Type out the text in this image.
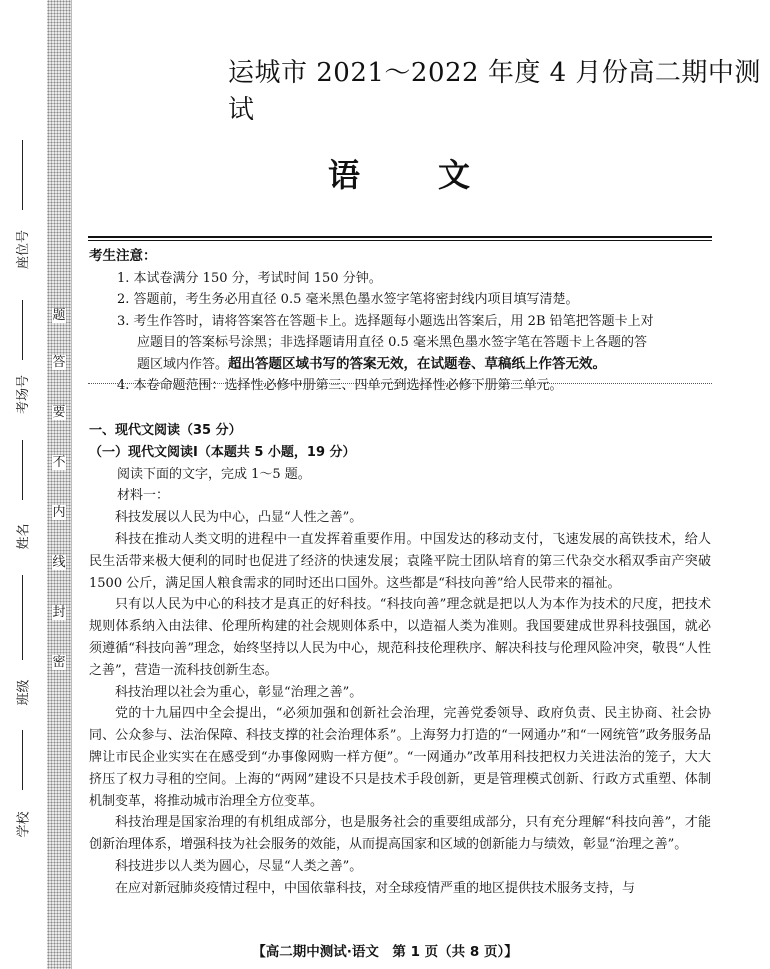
题
答
要
不
内
线
封
密
座位号
考场号
姓名
班级
学校
运城市 2021～2022 年度 4 月份高二期中测试
语文
考生注意：
1. 本试卷满分 150 分，考试时间 150 分钟。
2. 答题前，考生务必用直径 0.5 毫米黑色墨水签字笔将密封线内项目填写清楚。
3. 考生作答时，请将答案答在答题卡上。选择题每小题选出答案后，用 2B 铅笔把答题卡上对
应题目的答案标号涂黑；非选择题请用直径 0.5 毫米黑色墨水签字笔在答题卡上各题的答
题区域内作答。超出答题区域书写的答案无效，在试题卷、草稿纸上作答无效。
4. 本卷命题范围：选择性必修中册第三、四单元到选择性必修下册第二单元。
一、现代文阅读（35 分）
（一）现代文阅读Ⅰ（本题共 5 小题，19 分）
阅读下面的文字，完成 1～5 题。
材料一：

科技发展以人民为中心，凸显“人性之善”。

科技在推动人类文明的进程中一直发挥着重要作用。中国发达的移动支付，飞速发展的高铁技术，给人民生活带来极大便利的同时也促进了经济的快速发展；袁隆平院士团队培育的第三代杂交水稻双季亩产突破 1500 公斤，满足国人粮食需求的同时还出口国外。这些都是“科技向善”给人民带来的福祉。

只有以人民为中心的科技才是真正的好科技。“科技向善”理念就是把以人为本作为技术的尺度，把技术规则体系纳入由法律、伦理所构建的社会规则体系中，以造福人类为准则。我国要建成世界科技强国，就必须遵循“科技向善”理念，始终坚持以人民为中心，规范科技伦理秩序、解决科技与伦理风险冲突，敬畏“人性之善”，营造一流科技创新生态。

科技治理以社会为重心，彰显“治理之善”。

党的十九届四中全会提出，“必须加强和创新社会治理，完善党委领导、政府负责、民主协商、社会协同、公众参与、法治保障、科技支撑的社会治理体系”。上海努力打造的“一网通办”和“一网统管”政务服务品牌让市民企业实实在在感受到“办事像网购一样方便”。“一网通办”改革用科技把权力关进法治的笼子，大大挤压了权力寻租的空间。上海的“两网”建设不只是技术手段创新，更是管理模式创新、行政方式重塑、体制机制变革，将推动城市治理全方位变革。

科技治理是国家治理的有机组成部分，也是服务社会的重要组成部分，只有充分理解“科技向善”，才能创新治理体系，增强科技为社会服务的效能，从而提高国家和区域的创新能力与绩效，彰显“治理之善”。

科技进步以人类为圆心，尽显“人类之善”。

在应对新冠肺炎疫情过程中，中国依靠科技，对全球疫情严重的地区提供技术服务支持，与

【高二期中测试·语文　第 1 页（共 8 页）】
